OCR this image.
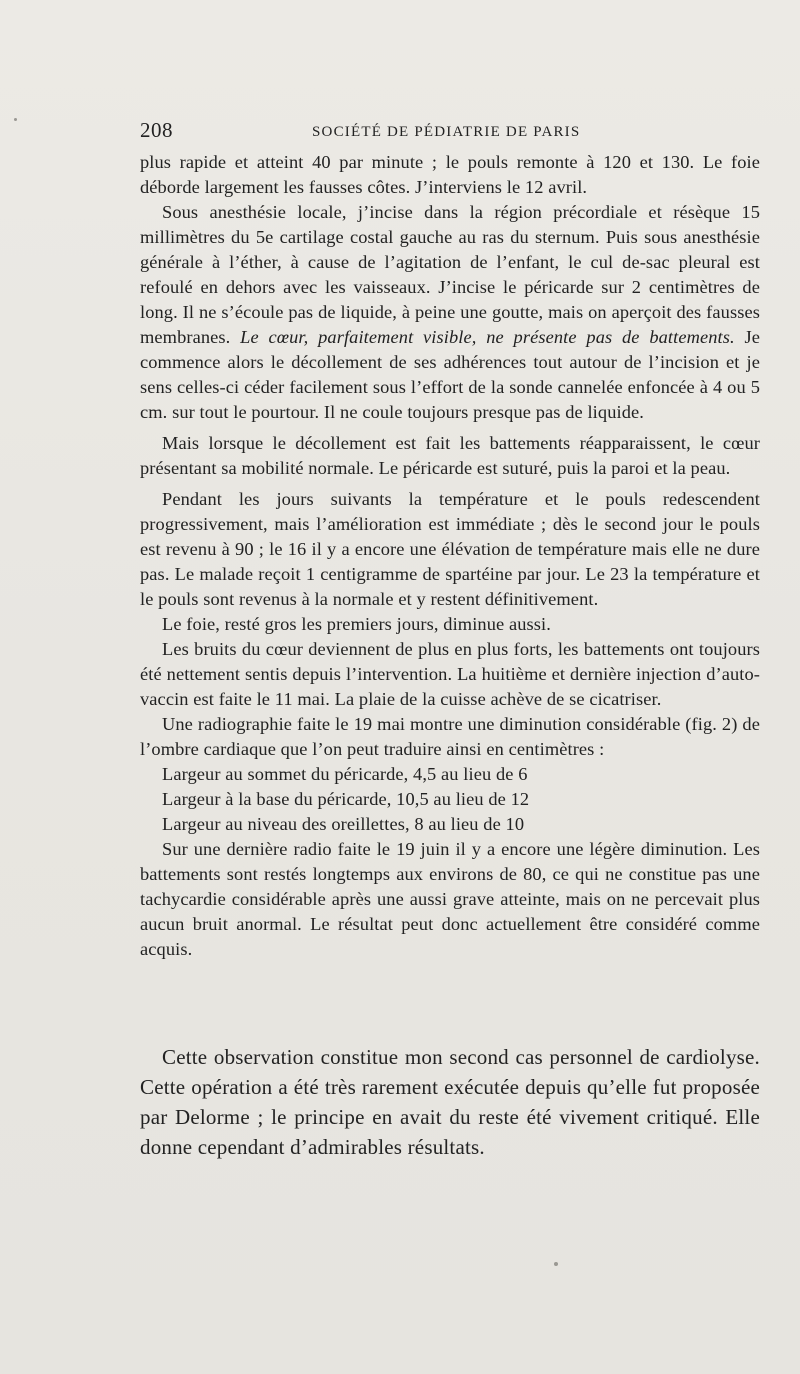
208	SOCIÉTÉ DE PÉDIATRIE DE PARIS

plus rapide et atteint 40 par minute ; le pouls remonte à 120 et 130. Le foie déborde largement les fausses côtes. J’interviens le 12 avril.

Sous anesthésie locale, j’incise dans la région précordiale et résèque 15 millimètres du 5e cartilage costal gauche au ras du sternum. Puis sous anesthésie générale à l’éther, à cause de l’agitation de l’enfant, le cul de-sac pleural est refoulé en dehors avec les vaisseaux. J’incise le péricarde sur 2 centimètres de long. Il ne s’écoule pas de liquide, à peine une goutte, mais on aperçoit des fausses membranes. Le cœur, parfaitement visible, ne présente pas de battements. Je commence alors le décollement de ses adhérences tout autour de l’incision et je sens celles-ci céder facilement sous l’effort de la sonde cannelée enfoncée à 4 ou 5 cm. sur tout le pourtour. Il ne coule toujours presque pas de liquide.

Mais lorsque le décollement est fait les battements réapparaissent, le cœur présentant sa mobilité normale. Le péricarde est suturé, puis la paroi et la peau.

Pendant les jours suivants la température et le pouls redescendent progressivement, mais l’amélioration est immédiate ; dès le second jour le pouls est revenu à 90 ; le 16 il y a encore une élévation de température mais elle ne dure pas. Le malade reçoit 1 centigramme de spartéine par jour. Le 23 la température et le pouls sont revenus à la normale et y restent définitivement.

Le foie, resté gros les premiers jours, diminue aussi.

Les bruits du cœur deviennent de plus en plus forts, les battements ont toujours été nettement sentis depuis l’intervention. La huitième et dernière injection d’auto-vaccin est faite le 11 mai. La plaie de la cuisse achève de se cicatriser.

Une radiographie faite le 19 mai montre une diminution considérable (fig. 2) de l’ombre cardiaque que l’on peut traduire ainsi en centimètres :

Largeur au sommet du péricarde, 4,5 au lieu de 6

Largeur à la base du péricarde, 10,5 au lieu de 12

Largeur au niveau des oreillettes, 8 au lieu de 10

Sur une dernière radio faite le 19 juin il y a encore une légère diminution. Les battements sont restés longtemps aux environs de 80, ce qui ne constitue pas une tachycardie considérable après une aussi grave atteinte, mais on ne percevait plus aucun bruit anormal. Le résultat peut donc actuellement être considéré comme acquis.

Cette observation constitue mon second cas personnel de cardiolyse. Cette opération a été très rarement exécutée depuis qu’elle fut proposée par Delorme ; le principe en avait du reste été vivement critiqué. Elle donne cependant d’admirables résultats.
